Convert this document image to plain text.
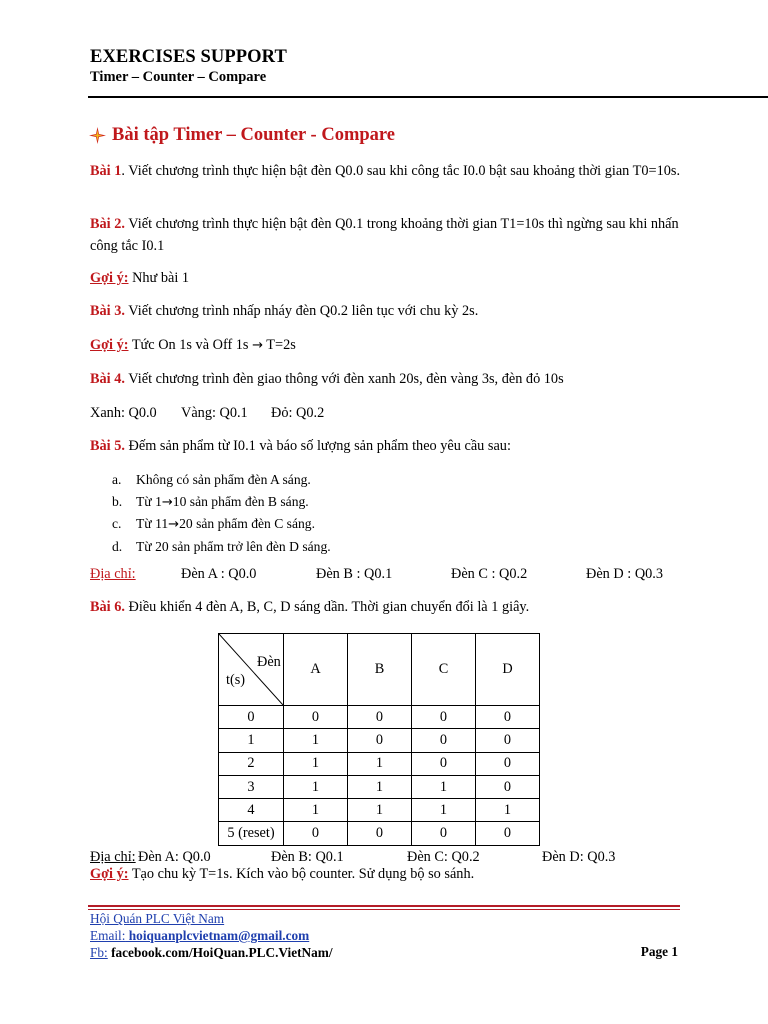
EXERCISES SUPPORT
Timer – Counter – Compare
Bài tập Timer – Counter - Compare
Bài 1. Viết chương trình thực hiện bật đèn Q0.0 sau khi công tắc I0.0 bật sau khoảng thời gian T0=10s.
Bài 2. Viết chương trình thực hiện bật đèn Q0.1 trong khoảng thời gian T1=10s thì ngừng sau khi nhấn công tắc I0.1
Gợi ý: Như bài 1
Bài 3. Viết chương trình nhấp nháy đèn Q0.2 liên tục với chu kỳ 2s.
Gợi ý: Tức On 1s và Off 1s → T=2s
Bài 4. Viết chương trình đèn giao thông với đèn xanh 20s, đèn vàng 3s, đèn đỏ 10s
Xanh: Q0.0 Vàng: Q0.1 Đỏ: Q0.2
Bài 5. Đếm sản phẩm từ I0.1 và báo số lượng sản phẩm theo yêu cầu sau:
a. Không có sản phẩm đèn A sáng.
b. Từ 1→10 sản phẩm đèn B sáng.
c. Từ 11→20 sản phẩm đèn C sáng.
d. Từ 20 sản phẩm trở lên đèn D sáng.
Địa chỉ:	Đèn A : Q0.0	Đèn B : Q0.1	Đèn C : Q0.2	Đèn D : Q0.3
Bài 6. Điều khiển 4 đèn A, B, C, D sáng dần. Thời gian chuyển đổi là 1 giây.
Đèn
t(s)	A	B	C	D
0	0	0	0	0
1	1	0	0	0
2	1	1	0	0
3	1	1	1	0
4	1	1	1	1
5 (reset)	0	0	0	0
Địa chỉ: Đèn A: Q0.0	Đèn B: Q0.1	Đèn C: Q0.2	Đèn D: Q0.3
Gợi ý: Tạo chu kỳ T=1s. Kích vào bộ counter. Sử dụng bộ so sánh.
Hội Quán PLC Việt Nam
Email: hoiquanplcvietnam@gmail.com
Fb: facebook.com/HoiQuan.PLC.VietNam/	Page 1
